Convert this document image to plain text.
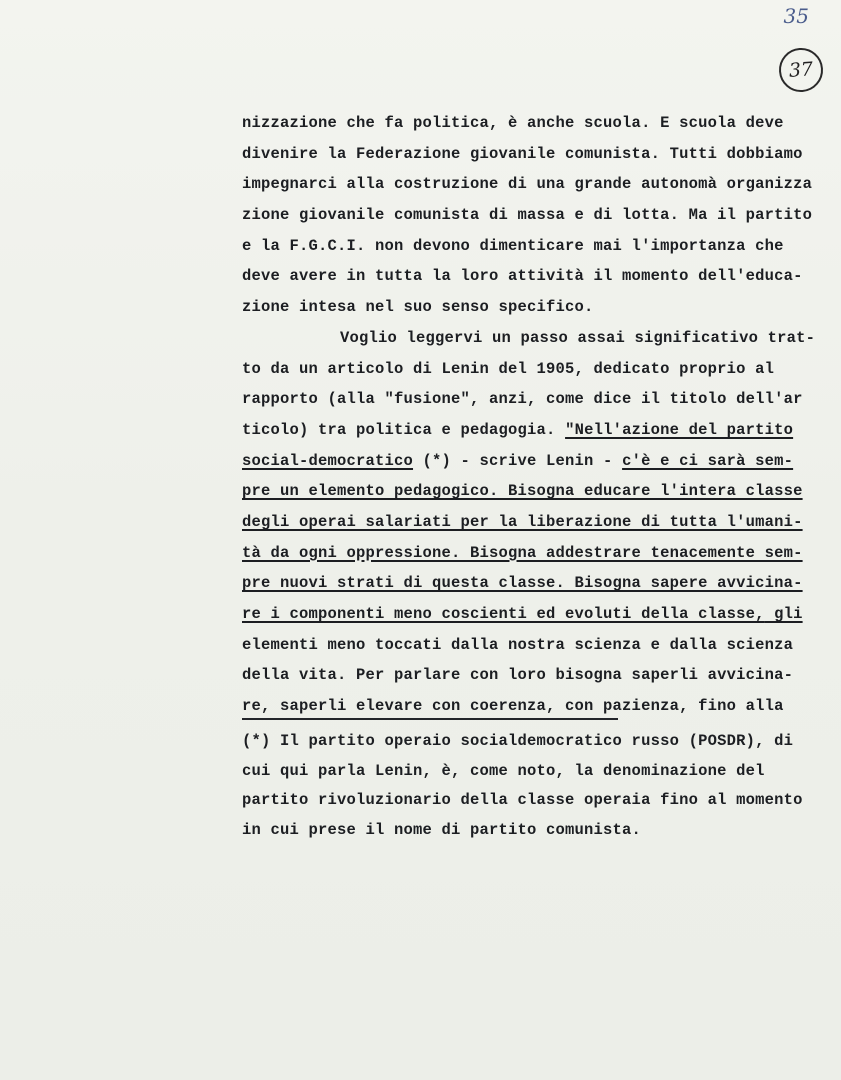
35
37
nizzazione che fa politica, è anche scuola. E scuola deve
divenire la Federazione giovanile comunista. Tutti dobbiamo
impegnarci alla costruzione di una grande autonomà organizza
zione giovanile comunista di massa e di lotta. Ma il partito
e la F.G.C.I. non devono dimenticare mai l'importanza che
deve avere in tutta la loro attività il momento dell'educa-
zione intesa nel suo senso specifico.
Voglio leggervi un passo assai significativo trat-
to da un articolo di Lenin del 1905, dedicato proprio al
rapporto (alla "fusione", anzi, come dice il titolo dell'ar
ticolo) tra politica e pedagogia. "Nell'azione del partito
social-democratico (*) - scrive Lenin - c'è e ci sarà sem-
pre un elemento pedagogico. Bisogna educare l'intera classe
degli operai salariati per la liberazione di tutta l'umani-
tà da ogni oppressione. Bisogna addestrare tenacemente sem-
pre nuovi strati di questa classe. Bisogna sapere avvicina-
re i componenti meno coscienti ed evoluti della classe, gli
elementi meno toccati dalla nostra scienza e dalla scienza
della vita. Per parlare con loro bisogna saperli avvicina-
re, saperli elevare con coerenza, con pazienza, fino alla
(*) Il partito operaio socialdemocratico russo (POSDR), di
cui qui parla Lenin, è, come noto, la denominazione del
partito rivoluzionario della classe operaia fino al momento
in cui prese il nome di partito comunista.
